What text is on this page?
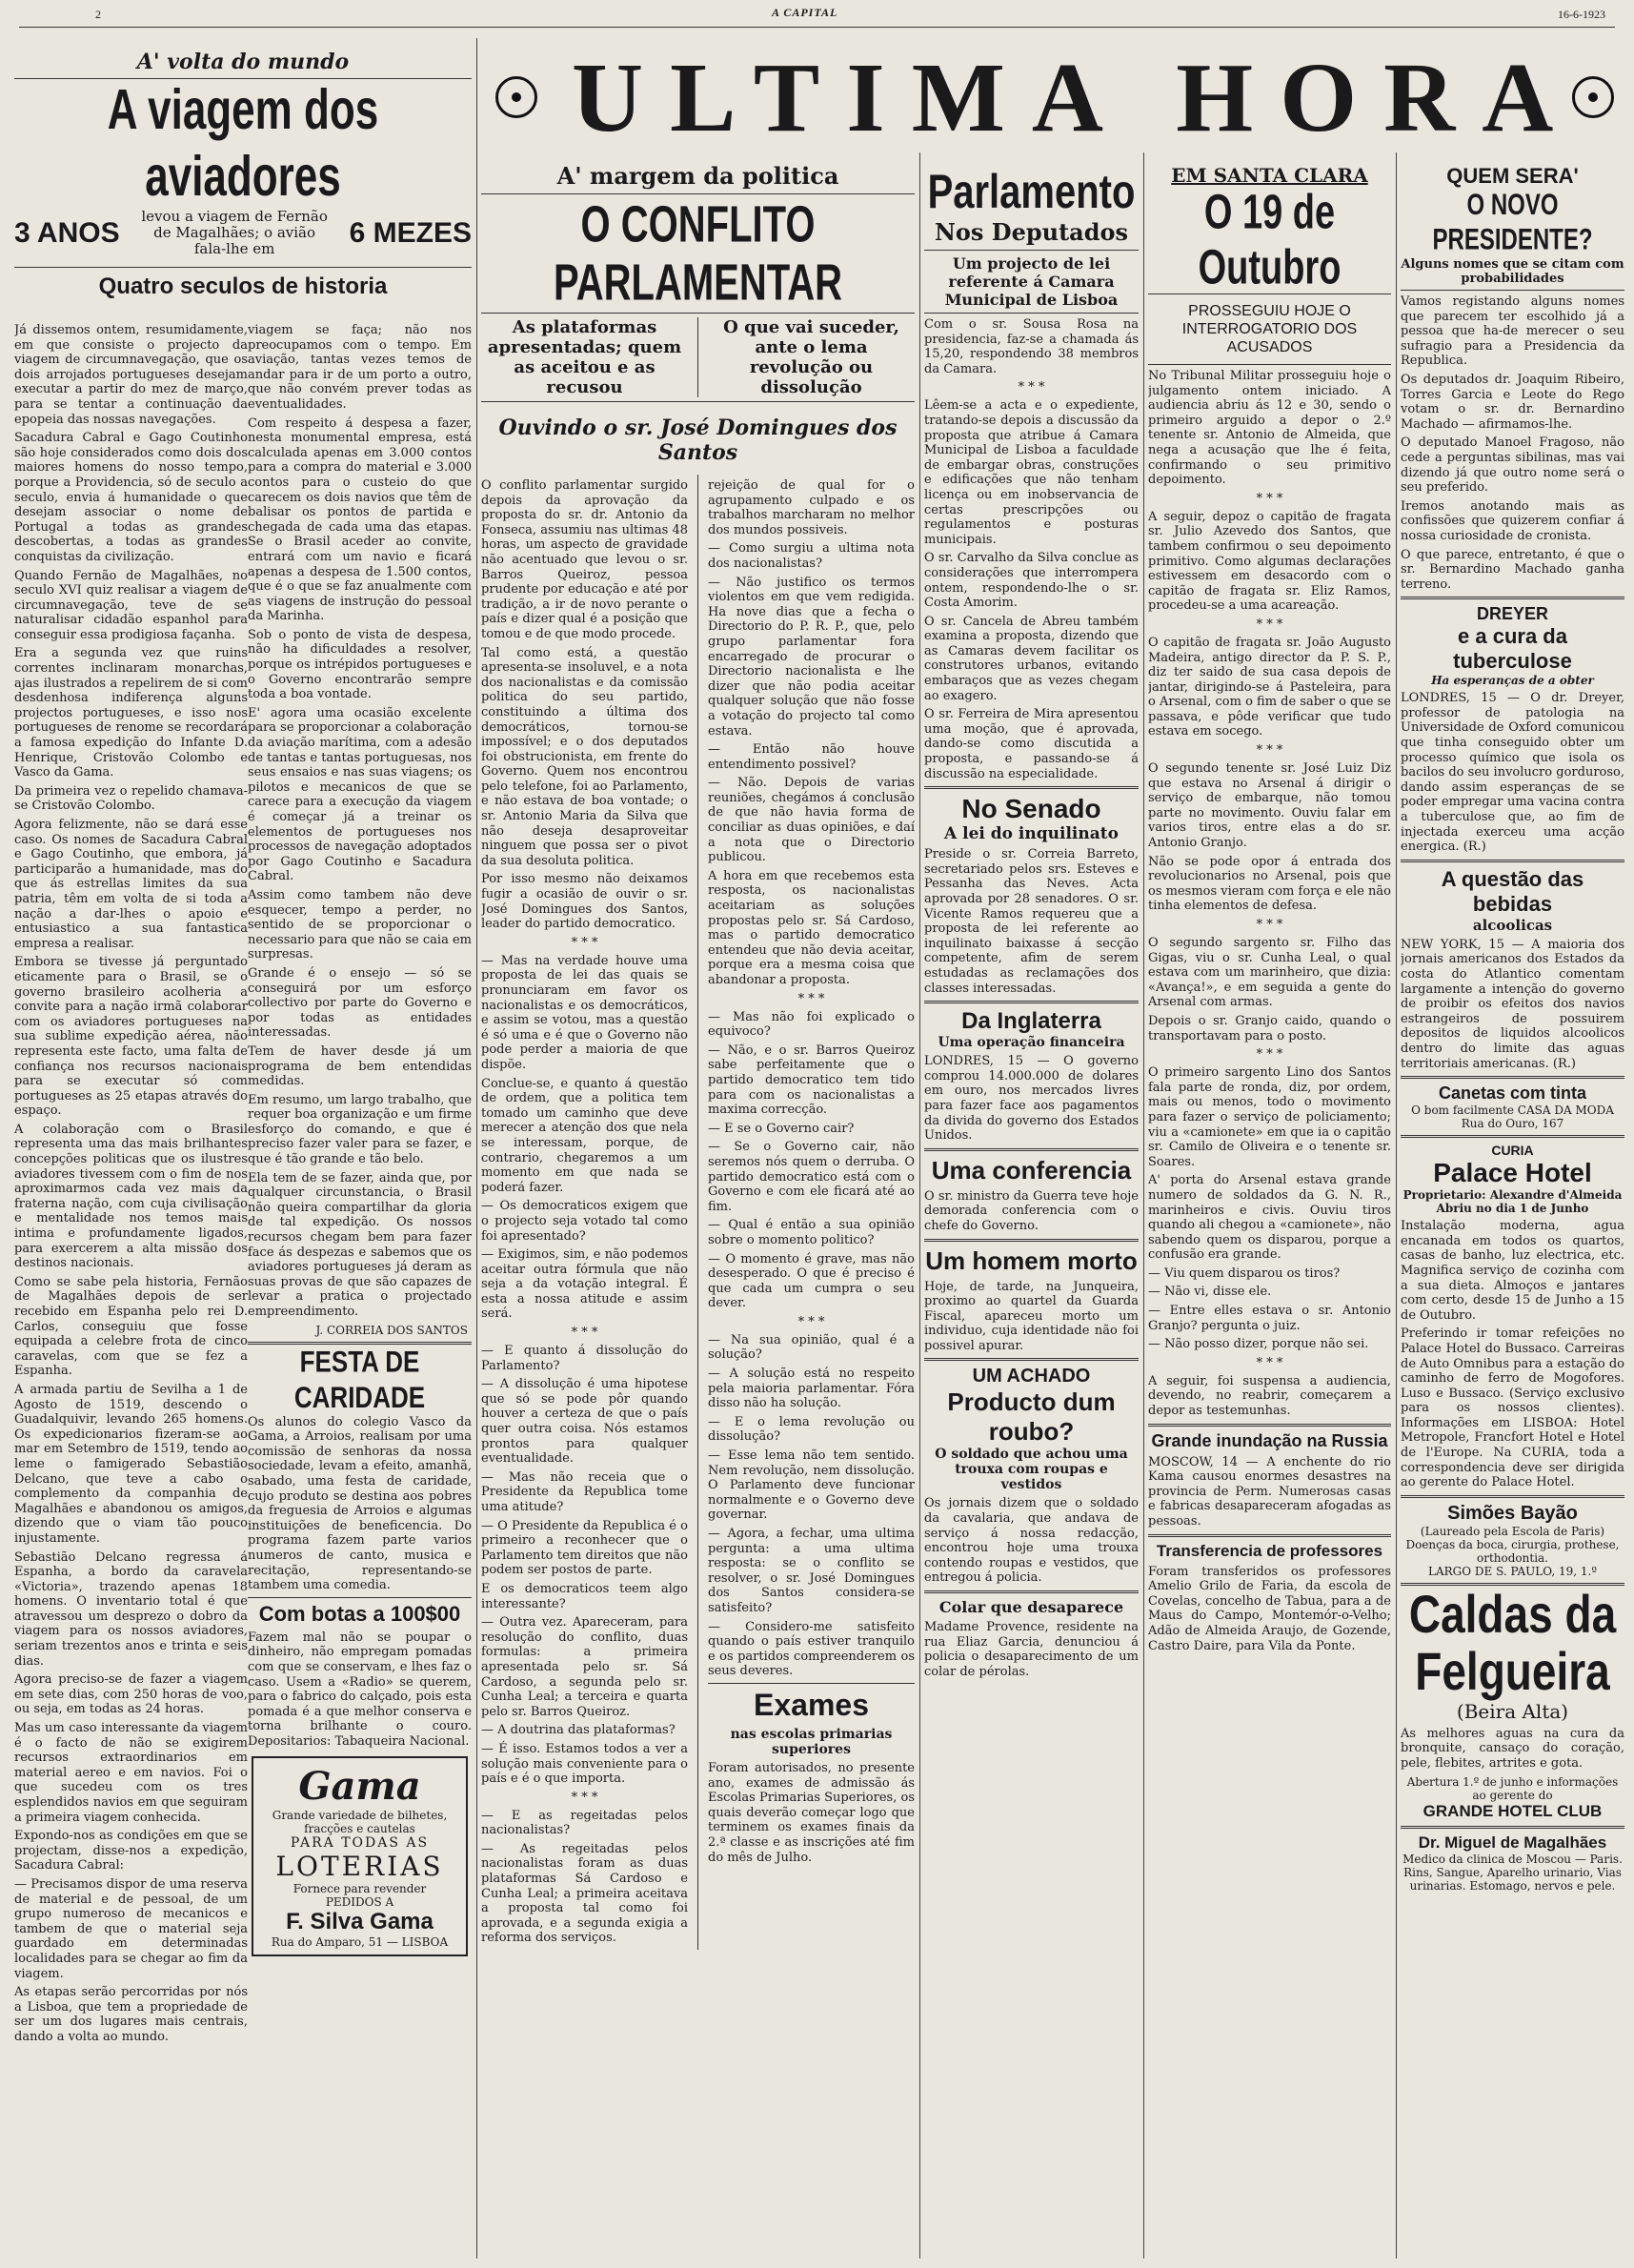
2	A CAPITAL	16-6-1923
ULTIMA HORA
A' volta do mundo
A viagem dos aviadores
3 ANOS
levou a viagem de Fernão de Magalhães; o avião fala-lhe em
6 MEZES
Quatro seculos de historia

Já dissemos ontem, resumidamente, em que consiste o projecto da viagem de circumnavegação, que os dois arrojados portugueses desejam executar a partir do mez de março, para se tentar a continuação da epopeia das nossas navegações.

Sacadura Cabral e Gago Coutinho são hoje considerados como dois dos maiores homens do nosso tempo, porque a Providencia, só de seculo a seculo, envia á humanidade o que desejam associar o nome de Portugal a todas as grandes descobertas, a todas as grandes conquistas da civilização.

Quando Fernão de Magalhães, no seculo XVI quiz realisar a viagem de circumnavegação, teve de se naturalisar cidadão espanhol para conseguir essa prodigiosa façanha.

Era a segunda vez que ruins correntes inclinaram monarchas, ajas ilustrados a repelirem de si com desdenhosa indiferença alguns projectos portugueses, e isso nos portugueses de renome se recordará a famosa expedição do Infante D. Henrique, Cristovão Colombo e Vasco da Gama.

Da primeira vez o repelido chamava-se Cristovão Colombo.

Agora felizmente, não se dará esse caso. Os nomes de Sacadura Cabral e Gago Coutinho, que embora, já participarão a humanidade, mas do que ás estrellas limites da sua patria, têm em volta de si toda a nação a dar-lhes o apoio e entusiastico a sua fantastica empresa a realisar.

Embora se tivesse já perguntado eticamente para o Brasil, se o governo brasileiro acolheria a convite para a nação irmã colaborar com os aviadores portugueses na sua sublime expedição aérea, não representa este facto, uma falta de confiança nos recursos nacionais para se executar só com portugueses as 25 etapas através do espaço.

A colaboração com o Brasil representa uma das mais brilhantes concepções politicas que os ilustres aviadores tivessem com o fim de nos aproximarmos cada vez mais da fraterna nação, com cuja civilisação e mentalidade nos temos mais intima e profundamente ligados, para exercerem a alta missão dos destinos nacionais.

Como se sabe pela historia, Fernão de Magalhães depois de ser recebido em Espanha pelo rei D. Carlos, conseguiu que fosse equipada a celebre frota de cinco caravelas, com que se fez a Espanha.

A armada partiu de Sevilha a 1 de Agosto de 1519, descendo o Guadalquivir, levando 265 homens. Os expedicionarios fizeram-se ao mar em Setembro de 1519, tendo ao leme o famigerado Sebastião Delcano, que teve a cabo o complemento da companhia de Magalhães e abandonou os amigos, dizendo que o viam tão pouco injustamente.

Sebastião Delcano regressa á Espanha, a bordo da caravela «Victoria», trazendo apenas 18 homens. O inventario total é que atravessou um desprezo o dobro da viagem para os nossos aviadores, seriam trezentos anos e trinta e seis dias.

Agora preciso-se de fazer a viagem em sete dias, com 250 horas de voo, ou seja, em todas as 24 horas.

Mas um caso interessante da viagem é o facto de não se exigirem recursos extraordinarios em material aereo e em navios. Foi o que sucedeu com os tres esplendidos navios em que seguiram a primeira viagem conhecida.

Expondo-nos as condições em que se projectam, disse-nos a expedição, Sacadura Cabral:

— Precisamos dispor de uma reserva de material e de pessoal, de um grupo numeroso de mecanicos e tambem de que o material seja guardado em determinadas localidades para se chegar ao fim da viagem.

As etapas serão percorridas por nós a Lisboa, que tem a propriedade de ser um dos lugares mais centrais, dando a volta ao mundo.

viagem se faça; não nos preocupamos com o tempo. Em aviação, tantas vezes temos de andar para ir de um porto a outro, que não convém prever todas as eventualidades.

Com respeito á despesa a fazer, nesta monumental empresa, está calculada apenas em 3.000 contos para a compra do material e 3.000 contos para o custeio do que carecem os dois navios que têm de balisar os pontos de partida e chegada de cada uma das etapas. Se o Brasil aceder ao convite, entrará com um navio e ficará apenas a despesa de 1.500 contos, que é o que se faz anualmente com as viagens de instrução do pessoal da Marinha.

Sob o ponto de vista de despesa, não ha dificuldades a resolver, porque os intrépidos portugueses e o Governo encontrarão sempre toda a boa vontade.

E' agora uma ocasião excelente para se proporcionar a colaboração da aviação marítima, com a adesão de tantas e tantas portuguesas, nos seus ensaios e nas suas viagens; os pilotos e mecanicos de que se carece para a execução da viagem é começar já a treinar os elementos de portugueses nos processos de navegação adoptados por Gago Coutinho e Sacadura Cabral.

Assim como tambem não deve esquecer, tempo a perder, no sentido de se proporcionar o necessario para que não se caia em surpresas.

Grande é o ensejo — só se conseguirá por um esforço collectivo por parte do Governo e por todas as entidades interessadas.

Tem de haver desde já um programa de bem entendidas medidas.

Em resumo, um largo trabalho, que requer boa organização e um firme esforço do comando, e que é preciso fazer valer para se fazer, e que é tão grande e tão belo.

Ela tem de se fazer, ainda que, por qualquer circunstancia, o Brasil não queira compartilhar da gloria de tal expedição. Os nossos recursos chegam bem para fazer face ás despezas e sabemos que os aviadores portugueses já deram as suas provas de que são capazes de levar a pratica o projectado empreendimento.

J. CORREIA DOS SANTOS
FESTA DE CARIDADE

Os alunos do colegio Vasco da Gama, a Arroios, realisam por uma comissão de senhoras da nossa sociedade, levam a efeito, amanhã, sabado, uma festa de caridade, cujo produto se destina aos pobres da freguesia de Arroios e algumas instituições de beneficencia. Do programa fazem parte varios numeros de canto, musica e recitação, representando-se tambem uma comedia.

Com botas a 100$00

Fazem mal não se poupar o dinheiro, não empregam pomadas com que se conservam, e lhes faz o caso. Usem a «Radio» se querem, para o fabrico do calçado, pois esta pomada é a que melhor conserva e torna brilhante o couro. Depositarios: Tabaqueira Nacional.

Gama
Grande variedade de bilhetes, fracções e cautelas
PARA TODAS AS
LOTERIAS
Fornece para revender
PEDIDOS A
F. Silva Gama
Rua do Amparo, 51 — LISBOA
A' margem da politica
O CONFLITO PARLAMENTAR
As plataformas apresentadas; quem as aceitou e as recusou
O que vai suceder, ante o lema revolução ou dissolução
Ouvindo o sr. José Domingues dos Santos

O conflito parlamentar surgido depois da aprovação da proposta do sr. dr. Antonio da Fonseca, assumiu nas ultimas 48 horas, um aspecto de gravidade não acentuado que levou o sr. Barros Queiroz, pessoa prudente por educação e até por tradição, a ir de novo perante o país e dizer qual é a posição que tomou e de que modo procede.

Tal como está, a questão apresenta-se insoluvel, e a nota dos nacionalistas e da comissão politica do seu partido, constituindo a última dos democráticos, tornou-se impossível; e o dos deputados foi obstrucionista, em frente do Governo. Quem nos encontrou pelo telefone, foi ao Parlamento, e não estava de boa vontade; o sr. Antonio Maria da Silva que não deseja desaproveitar ninguem que possa ser o pivot da sua desoluta politica.

Por isso mesmo não deixamos fugir a ocasião de ouvir o sr. José Domingues dos Santos, leader do partido democratico.

* * *

— Mas na verdade houve uma proposta de lei das quais se pronunciaram em favor os nacionalistas e os democráticos, e assim se votou, mas a questão é só uma e é que o Governo não pode perder a maioria de que dispõe.

Conclue-se, e quanto á questão de ordem, que a politica tem tomado um caminho que deve merecer a atenção dos que nela se interessam, porque, de contrario, chegaremos a um momento em que nada se poderá fazer.

— Os democraticos exigem que o projecto seja votado tal como foi apresentado?

— Exigimos, sim, e não podemos aceitar outra fórmula que não seja a da votação integral. É esta a nossa atitude e assim será.

* * *

— E quanto á dissolução do Parlamento?

— A dissolução é uma hipotese que só se pode pôr quando houver a certeza de que o país quer outra coisa. Nós estamos prontos para qualquer eventualidade.

— Mas não receia que o Presidente da Republica tome uma atitude?

— O Presidente da Republica é o primeiro a reconhecer que o Parlamento tem direitos que não podem ser postos de parte.

E os democraticos teem algo interessante?

— Outra vez. Apareceram, para resolução do conflito, duas formulas: a primeira apresentada pelo sr. Sá Cardoso, a segunda pelo sr. Cunha Leal; a terceira e quarta pelo sr. Barros Queiroz.

— A doutrina das plataformas?

— É isso. Estamos todos a ver a solução mais conveniente para o país e é o que importa.

* * *

— E as regeitadas pelos nacionalistas?

— As regeitadas pelos nacionalistas foram as duas plataformas Sá Cardoso e Cunha Leal; a primeira aceitava a proposta tal como foi aprovada, e a segunda exigia a reforma dos serviços.

rejeição de qual for o agrupamento culpado e os trabalhos marcharam no melhor dos mundos possiveis.

— Como surgiu a ultima nota dos nacionalistas?

— Não justifico os termos violentos em que vem redigida. Ha nove dias que a fecha o Directorio do P. R. P., que, pelo grupo parlamentar fora encarregado de procurar o Directorio nacionalista e lhe dizer que não podia aceitar qualquer solução que não fosse a votação do projecto tal como estava.

— Então não houve entendimento possivel?

— Não. Depois de varias reuniões, chegámos á conclusão de que não havia forma de conciliar as duas opiniões, e daí a nota que o Directorio publicou.

A hora em que recebemos esta resposta, os nacionalistas aceitariam as soluções propostas pelo sr. Sá Cardoso, mas o partido democratico entendeu que não devia aceitar, porque era a mesma coisa que abandonar a proposta.

* * *

— Mas não foi explicado o equivoco?

— Não, e o sr. Barros Queiroz sabe perfeitamente que o partido democratico tem tido para com os nacionalistas a maxima correcção.

— E se o Governo cair?

— Se o Governo cair, não seremos nós quem o derruba. O partido democratico está com o Governo e com ele ficará até ao fim.

— Qual é então a sua opinião sobre o momento politico?

— O momento é grave, mas não desesperado. O que é preciso é que cada um cumpra o seu dever.

* * *

— Na sua opinião, qual é a solução?

— A solução está no respeito pela maioria parlamentar. Fóra disso não ha solução.

— E o lema revolução ou dissolução?

— Esse lema não tem sentido. Nem revolução, nem dissolução. O Parlamento deve funcionar normalmente e o Governo deve governar.

— Agora, a fechar, uma ultima pergunta: a uma ultima resposta: se o conflito se resolver, o sr. José Domingues dos Santos considera-se satisfeito?

— Considero-me satisfeito quando o país estiver tranquilo e os partidos compreenderem os seus deveres.

Exames
nas escolas primarias superiores

Foram autorisados, no presente ano, exames de admissão ás Escolas Primarias Superiores, os quais deverão começar logo que terminem os exames finais da 2.ª classe e as inscrições até fim do mês de Julho.

Parlamento
Nos Deputados
Um projecto de lei referente á Camara Municipal de Lisboa

Com o sr. Sousa Rosa na presidencia, faz-se a chamada ás 15,20, respondendo 38 membros da Camara.

* * *

Lêem-se a acta e o expediente, tratando-se depois a discussão da proposta que atribue á Camara Municipal de Lisboa a faculdade de embargar obras, construções e edificações que não tenham licença ou em inobservancia de certas prescripções ou regulamentos e posturas municipais.

O sr. Carvalho da Silva conclue as considerações que interrompera ontem, respondendo-lhe o sr. Costa Amorim.

O sr. Cancela de Abreu também examina a proposta, dizendo que as Camaras devem facilitar os construtores urbanos, evitando embaraços que as vezes chegam ao exagero.

O sr. Ferreira de Mira apresentou uma moção, que é aprovada, dando-se como discutida a proposta, e passando-se á discussão na especialidade.

No Senado
A lei do inquilinato

Preside o sr. Correia Barreto, secretariado pelos srs. Esteves e Pessanha das Neves. Acta aprovada por 28 senadores. O sr. Vicente Ramos requereu que a proposta de lei referente ao inquilinato baixasse á secção competente, afim de serem estudadas as reclamações dos classes interessadas.

Da Inglaterra
Uma operação financeira

LONDRES, 15 — O governo comprou 14.000.000 de dolares em ouro, nos mercados livres para fazer face aos pagamentos da divida do governo dos Estados Unidos.

Uma conferencia

O sr. ministro da Guerra teve hoje demorada conferencia com o chefe do Governo.

Um homem morto

Hoje, de tarde, na Junqueira, proximo ao quartel da Guarda Fiscal, apareceu morto um individuo, cuja identidade não foi possivel apurar.

UM ACHADO
Producto dum roubo?
O soldado que achou uma trouxa com roupas e vestidos

Os jornais dizem que o soldado da cavalaria, que andava de serviço á nossa redacção, encontrou hoje uma trouxa contendo roupas e vestidos, que entregou á policia.

Colar que desaparece

Madame Provence, residente na rua Eliaz Garcia, denunciou á policia o desaparecimento de um colar de pérolas.

EM SANTA CLARA
O 19 de Outubro
PROSSEGUIU HOJE O INTERROGATORIO DOS ACUSADOS

No Tribunal Militar prosseguiu hoje o julgamento ontem iniciado. A audiencia abriu ás 12 e 30, sendo o primeiro arguido a depor o 2.º tenente sr. Antonio de Almeida, que nega a acusação que lhe é feita, confirmando o seu primitivo depoimento.

* * *

A seguir, depoz o capitão de fragata sr. Julio Azevedo dos Santos, que tambem confirmou o seu depoimento primitivo. Como algumas declarações estivessem em desacordo com o capitão de fragata sr. Eliz Ramos, procedeu-se a uma acareação.

* * *

O capitão de fragata sr. João Augusto Madeira, antigo director da P. S. P., diz ter saido de sua casa depois de jantar, dirigindo-se á Pasteleira, para o Arsenal, com o fim de saber o que se passava, e pôde verificar que tudo estava em socego.

* * *

O segundo tenente sr. José Luiz Diz que estava no Arsenal á dirigir o serviço de embarque, não tomou parte no movimento. Ouviu falar em varios tiros, entre elas a do sr. Antonio Granjo.

Não se pode opor á entrada dos revolucionarios no Arsenal, pois que os mesmos vieram com força e ele não tinha elementos de defesa.

* * *

O segundo sargento sr. Filho das Gigas, viu o sr. Cunha Leal, o qual estava com um marinheiro, que dizia: «Avança!», e em seguida a gente do Arsenal com armas.

Depois o sr. Granjo caido, quando o transportavam para o posto.

* * *

O primeiro sargento Lino dos Santos fala parte de ronda, diz, por ordem, mais ou menos, todo o movimento para fazer o serviço de policiamento; viu a «camionete» em que ia o capitão sr. Camilo de Oliveira e o tenente sr. Soares.

A' porta do Arsenal estava grande numero de soldados da G. N. R., marinheiros e civis. Ouviu tiros quando ali chegou a «camionete», não sabendo quem os disparou, porque a confusão era grande.

— Viu quem disparou os tiros?

— Não vi, disse ele.

— Entre elles estava o sr. Antonio Granjo? pergunta o juiz.

— Não posso dizer, porque não sei.

* * *

A seguir, foi suspensa a audiencia, devendo, no reabrir, começarem a depor as testemunhas.

Grande inundação na Russia

MOSCOW, 14 — A enchente do rio Kama causou enormes desastres na provincia de Perm. Numerosas casas e fabricas desapareceram afogadas as pessoas.

Transferencia de professores

Foram transferidos os professores Amelio Grilo de Faria, da escola de Covelas, concelho de Tabua, para a de Maus do Campo, Montemór-o-Velho; Adão de Almeida Araujo, de Gozende, Castro Daire, para Vila da Ponte.

QUEM SERA'
O NOVO PRESIDENTE?
Alguns nomes que se citam com probabilidades

Vamos registando alguns nomes que parecem ter escolhido já a pessoa que ha-de merecer o seu sufragio para a Presidencia da Republica.

Os deputados dr. Joaquim Ribeiro, Torres Garcia e Leote do Rego votam o sr. dr. Bernardino Machado — afirmamos-lhe.

O deputado Manoel Fragoso, não cede a perguntas sibilinas, mas vai dizendo já que outro nome será o seu preferido.

Iremos anotando mais as confissões que quizerem confiar á nossa curiosidade de cronista.

O que parece, entretanto, é que o sr. Bernardino Machado ganha terreno.

DREYER
e a cura da tuberculose
Ha esperanças de a obter

LONDRES, 15 — O dr. Dreyer, professor de patologia na Universidade de Oxford comunicou que tinha conseguido obter um processo químico que isola os bacilos do seu involucro gorduroso, dando assim esperanças de se poder empregar uma vacina contra a tuberculose que, ao fim de injectada exerceu uma acção energica. (R.)

A questão das bebidas
alcoolicas

NEW YORK, 15 — A maioria dos jornais americanos dos Estados da costa do Atlantico comentam largamente a intenção do governo de proibir os efeitos dos navios estrangeiros de possuirem depositos de liquidos alcoolicos dentro do limite das aguas territoriais americanas. (R.)

Canetas com tinta
O bom facilmente CASA DA MODA Rua do Ouro, 167
CURIA
Palace Hotel
Proprietario: Alexandre d'Almeida
Abriu no dia 1 de Junho

Instalação moderna, agua encanada em todos os quartos, casas de banho, luz electrica, etc. Magnifica serviço de cozinha com a sua dieta. Almoços e jantares com certo, desde 15 de Junho a 15 de Outubro.

Preferindo ir tomar refeições no Palace Hotel do Bussaco. Carreiras de Auto Omnibus para a estação do caminho de ferro de Mogofores. Luso e Bussaco. (Serviço exclusivo para os nossos clientes). Informações em LISBOA: Hotel Metropole, Francfort Hotel e Hotel de l'Europe. Na CURIA, toda a correspondencia deve ser dirigida ao gerente do Palace Hotel.

Simões Bayão
(Laureado pela Escola de Paris) Doenças da boca, cirurgia, prothese, orthodontia.
LARGO DE S. PAULO, 19, 1.º
Caldas da Felgueira
(Beira Alta)

As melhores aguas na cura da bronquite, cansaço do coração, pele, flebites, artrites e gota.

Abertura 1.º de junho e informações ao gerente do
GRANDE HOTEL CLUB
Dr. Miguel de Magalhães
Medico da clinica de Moscou — Paris. Rins, Sangue, Aparelho urinario, Vias urinarias. Estomago, nervos e pele.
